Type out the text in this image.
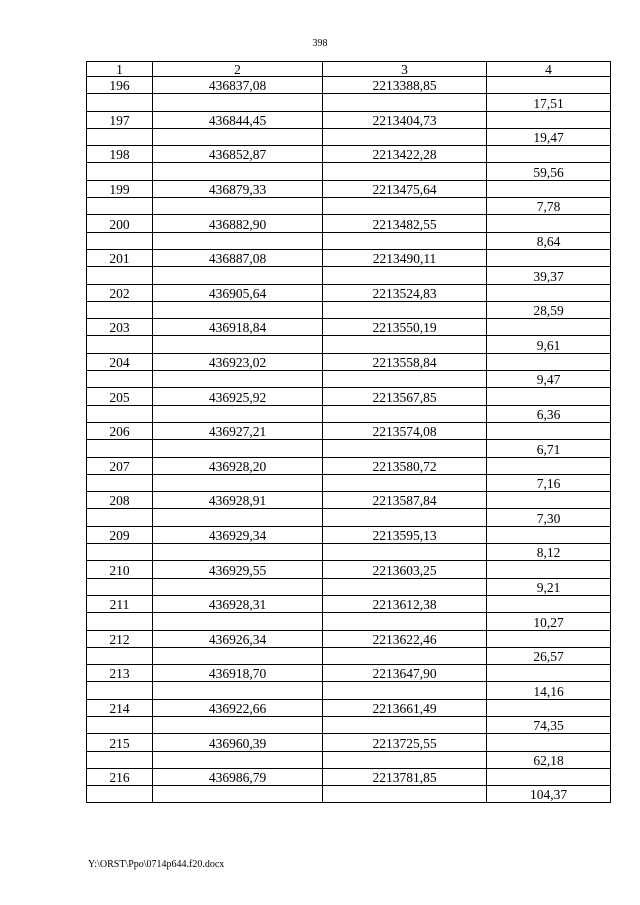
398
1	2	3	4
196	436837,08	2213388,85	
			17,51
197	436844,45	2213404,73	
			19,47
198	436852,87	2213422,28	
			59,56
199	436879,33	2213475,64	
			7,78
200	436882,90	2213482,55	
			8,64
201	436887,08	2213490,11	
			39,37
202	436905,64	2213524,83	
			28,59
203	436918,84	2213550,19	
			9,61
204	436923,02	2213558,84	
			9,47
205	436925,92	2213567,85	
			6,36
206	436927,21	2213574,08	
			6,71
207	436928,20	2213580,72	
			7,16
208	436928,91	2213587,84	
			7,30
209	436929,34	2213595,13	
			8,12
210	436929,55	2213603,25	
			9,21
211	436928,31	2213612,38	
			10,27
212	436926,34	2213622,46	
			26,57
213	436918,70	2213647,90	
			14,16
214	436922,66	2213661,49	
			74,35
215	436960,39	2213725,55	
			62,18
216	436986,79	2213781,85	
			104,37
Y:\ORST\Ppo\0714p644.f20.docx
